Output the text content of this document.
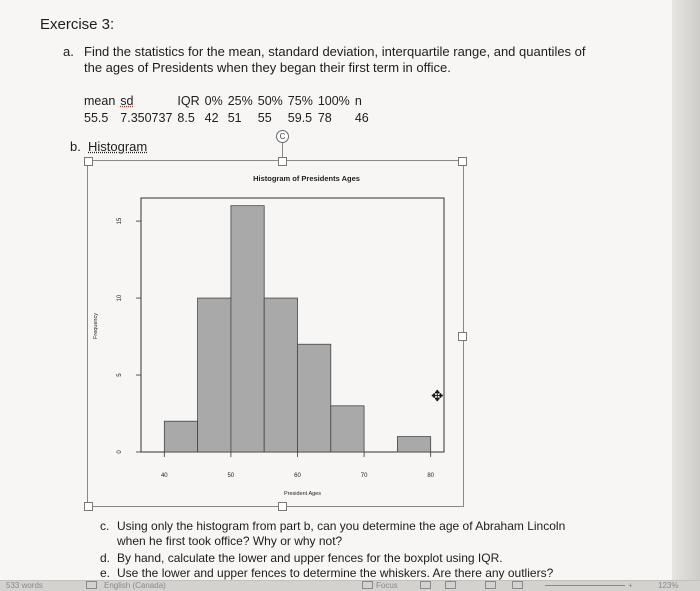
Exercise 3:
a. Find the statistics for the mean, standard deviation, interquartile range, and quantiles of
the ages of Presidents when they began their first term in office.
mean	sd	IQR	0%	25%	50%	75%	100%	n
55.5	7.350737	8.5	42	51	55	59.5	78	46
b. Histogram
C
Histogram of Presidents Ages
40	50	60	70	80
0
5
10
15
President Ages
Frequency
✥
c. Using only the histogram from part b, can you determine the age of Abraham Lincoln
when he first took office? Why or why not?
d. By hand, calculate the lower and upper fences for the boxplot using IQR.
e. Use the lower and upper fences to determine the whiskers. Are there any outliers?
533 words	English (Canada)	Focus	+	123%
